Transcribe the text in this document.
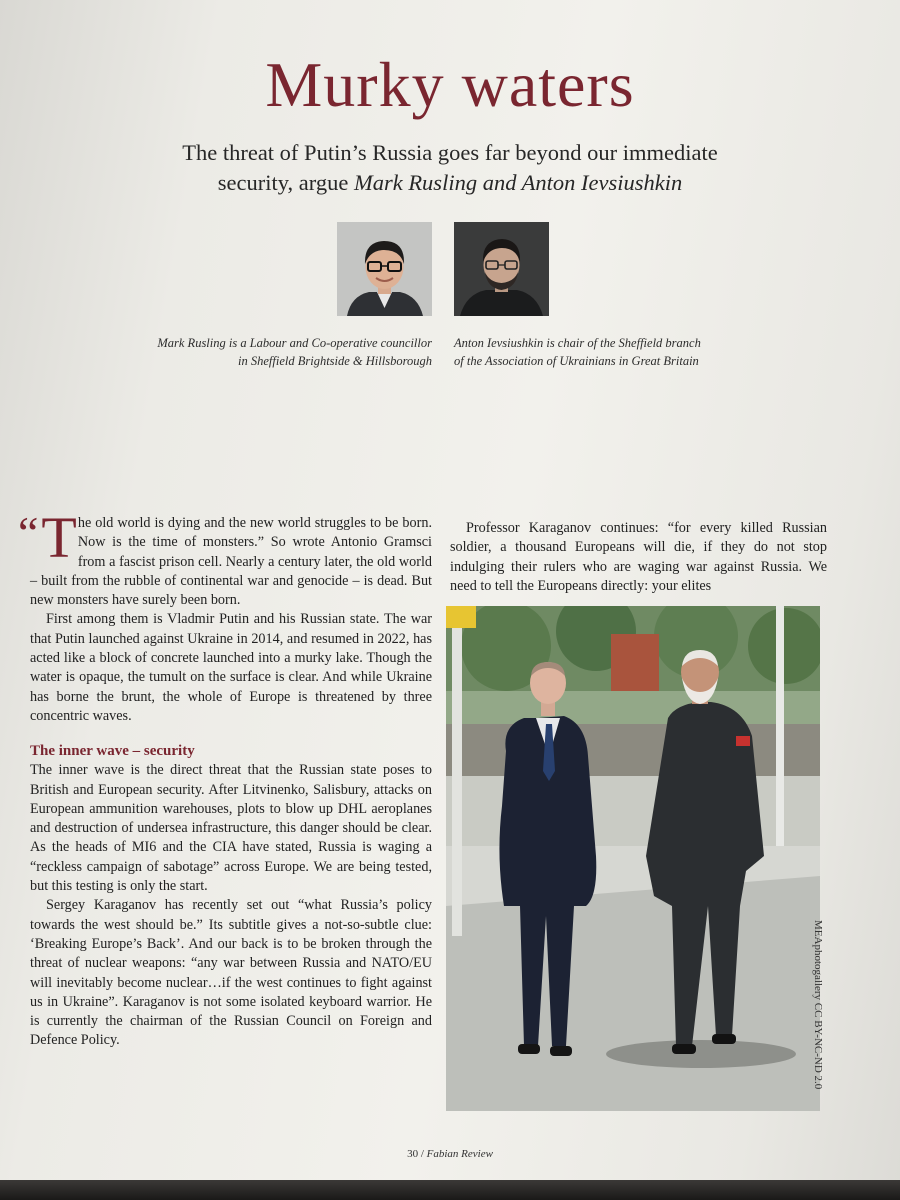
Murky waters

The threat of Putin’s Russia goes far beyond our immediate
security, argue Mark Rusling and Anton Ievsiushkin

Mark Rusling is a Labour and Co-operative councillor
in Sheffield Brightside & Hillsborough

Anton Ievsiushkin is chair of the Sheffield branch
of the Association of Ukrainians in Great Britain

“ T he old world is dying and the new world struggles to be born. Now is the time of monsters.” So wrote Antonio Gramsci from a fascist prison cell. Nearly a century later, the old world – built from the rubble of continental war and genocide – is dead. But new monsters have surely been born.

First among them is Vladmir Putin and his Russian state. The war that Putin launched against Ukraine in 2014, and resumed in 2022, has acted like a block of concrete launched into a murky lake. Though the water is opaque, the tumult on the surface is clear. And while Ukraine has borne the brunt, the whole of Europe is threatened by three concentric waves.

The inner wave – security

The inner wave is the direct threat that the Russian state poses to British and European security. After Litvinenko, Salisbury, attacks on European ammunition warehouses, plots to blow up DHL aeroplanes and destruction of undersea infrastructure, this danger should be clear. As the heads of MI6 and the CIA have stated, Russia is waging a “reckless campaign of sabotage” across Europe. We are being tested, but this testing is only the start.

Sergey Karaganov has recently set out “what Russia’s policy towards the west should be.” Its subtitle gives a not-so-subtle clue: ‘Breaking Europe’s Back’. And our back is to be broken through the threat of nuclear weapons: “any war between Russia and NATO/EU will inevitably become nuclear…if the west continues to fight against us in Ukraine”. Karaganov is not some isolated keyboard warrior. He is currently the chairman of the Russian Council on Foreign and Defence Policy.

Professor Karaganov continues: “for every killed Russian soldier, a thousand Europeans will die, if they do not stop indulging their rulers who are waging war against Russia. We need to tell the Europeans directly: your elites

MEAphotogallery CC BY-NC-ND 2.0
30 / Fabian Review
